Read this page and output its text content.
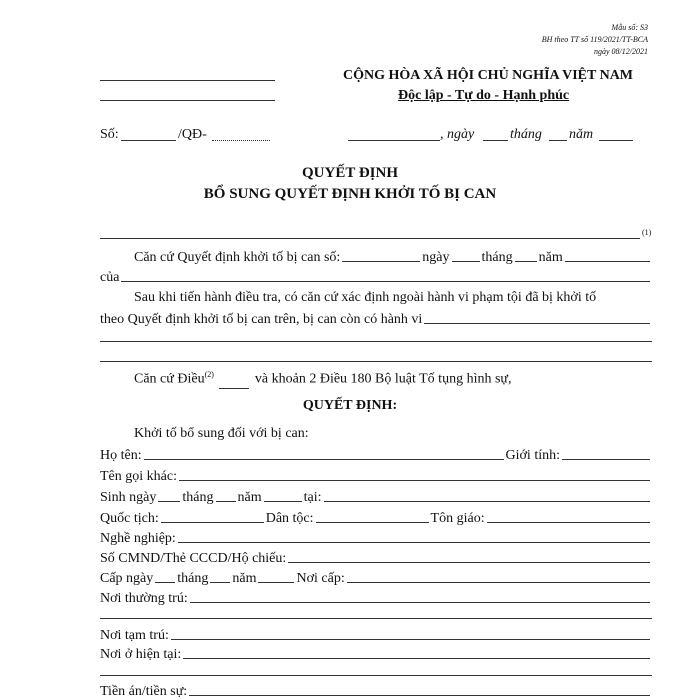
Mẫu số: S3
BH theo TT số 119/2021/TT-BCA
ngày 08/12/2021
CỘNG HÒA XÃ HỘI CHỦ NGHĨA VIỆT NAM
Độc lập - Tự do - Hạnh phúc
Số:	/QĐ-	, ngày	tháng năm
QUYẾT ĐỊNH
BỔ SUNG QUYẾT ĐỊNH KHỞI TỐ BỊ CAN
(1)
Căn cứ Quyết định khởi tố bị can số:	ngày tháng năm
của
Sau khi tiến hành điều tra, có căn cứ xác định ngoài hành vi phạm tội đã bị khởi tố
theo Quyết định khởi tố bị can trên, bị can còn có hành vi
Căn cứ Điều$^{(2)}$	và khoản 2 Điều 180 Bộ luật Tố tụng hình sự,
QUYẾT ĐỊNH:
Khởi tố bổ sung đối với bị can:
Họ tên:	Giới tính:
Tên gọi khác:
Sinh ngày tháng năm	tại:
Quốc tịch:	Dân tộc:	Tôn giáo:
Nghề nghiệp:
Số CMND/Thẻ CCCD/Hộ chiếu:
Cấp ngày tháng năm	Nơi cấp:
Nơi thường trú:
Nơi tạm trú:
Nơi ở hiện tại:
Tiền án/tiền sự:
